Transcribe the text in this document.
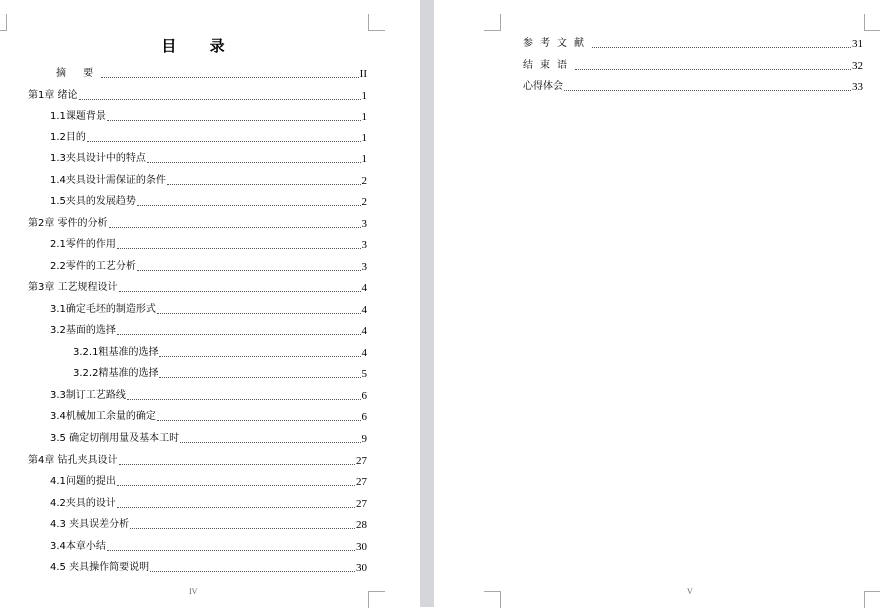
目 录
摘 要	II
第1章 绪论	1
1.1课题背景	1
1.2目的	1
1.3夹具设计中的特点	1
1.4夹具设计需保证的条件	2
1.5夹具的发展趋势	2
第2章 零件的分析	3
2.1零件的作用	3
2.2零件的工艺分析	3
第3章 工艺规程设计	4
3.1确定毛坯的制造形式	4
3.2基面的选择	4
3.2.1粗基准的选择	4
3.2.2精基准的选择	5
3.3制订工艺路线	6
3.4机械加工余量的确定	6
3.5 确定切削用量及基本工时	9
第4章 钻孔夹具设计	27
4.1问题的提出	27
4.2夹具的设计	27
4.3 夹具误差分析	28
3.4本章小结	30
4.5 夹具操作简要说明	30
IV
参考文献	31
结束语	32
心得体会	33
V
